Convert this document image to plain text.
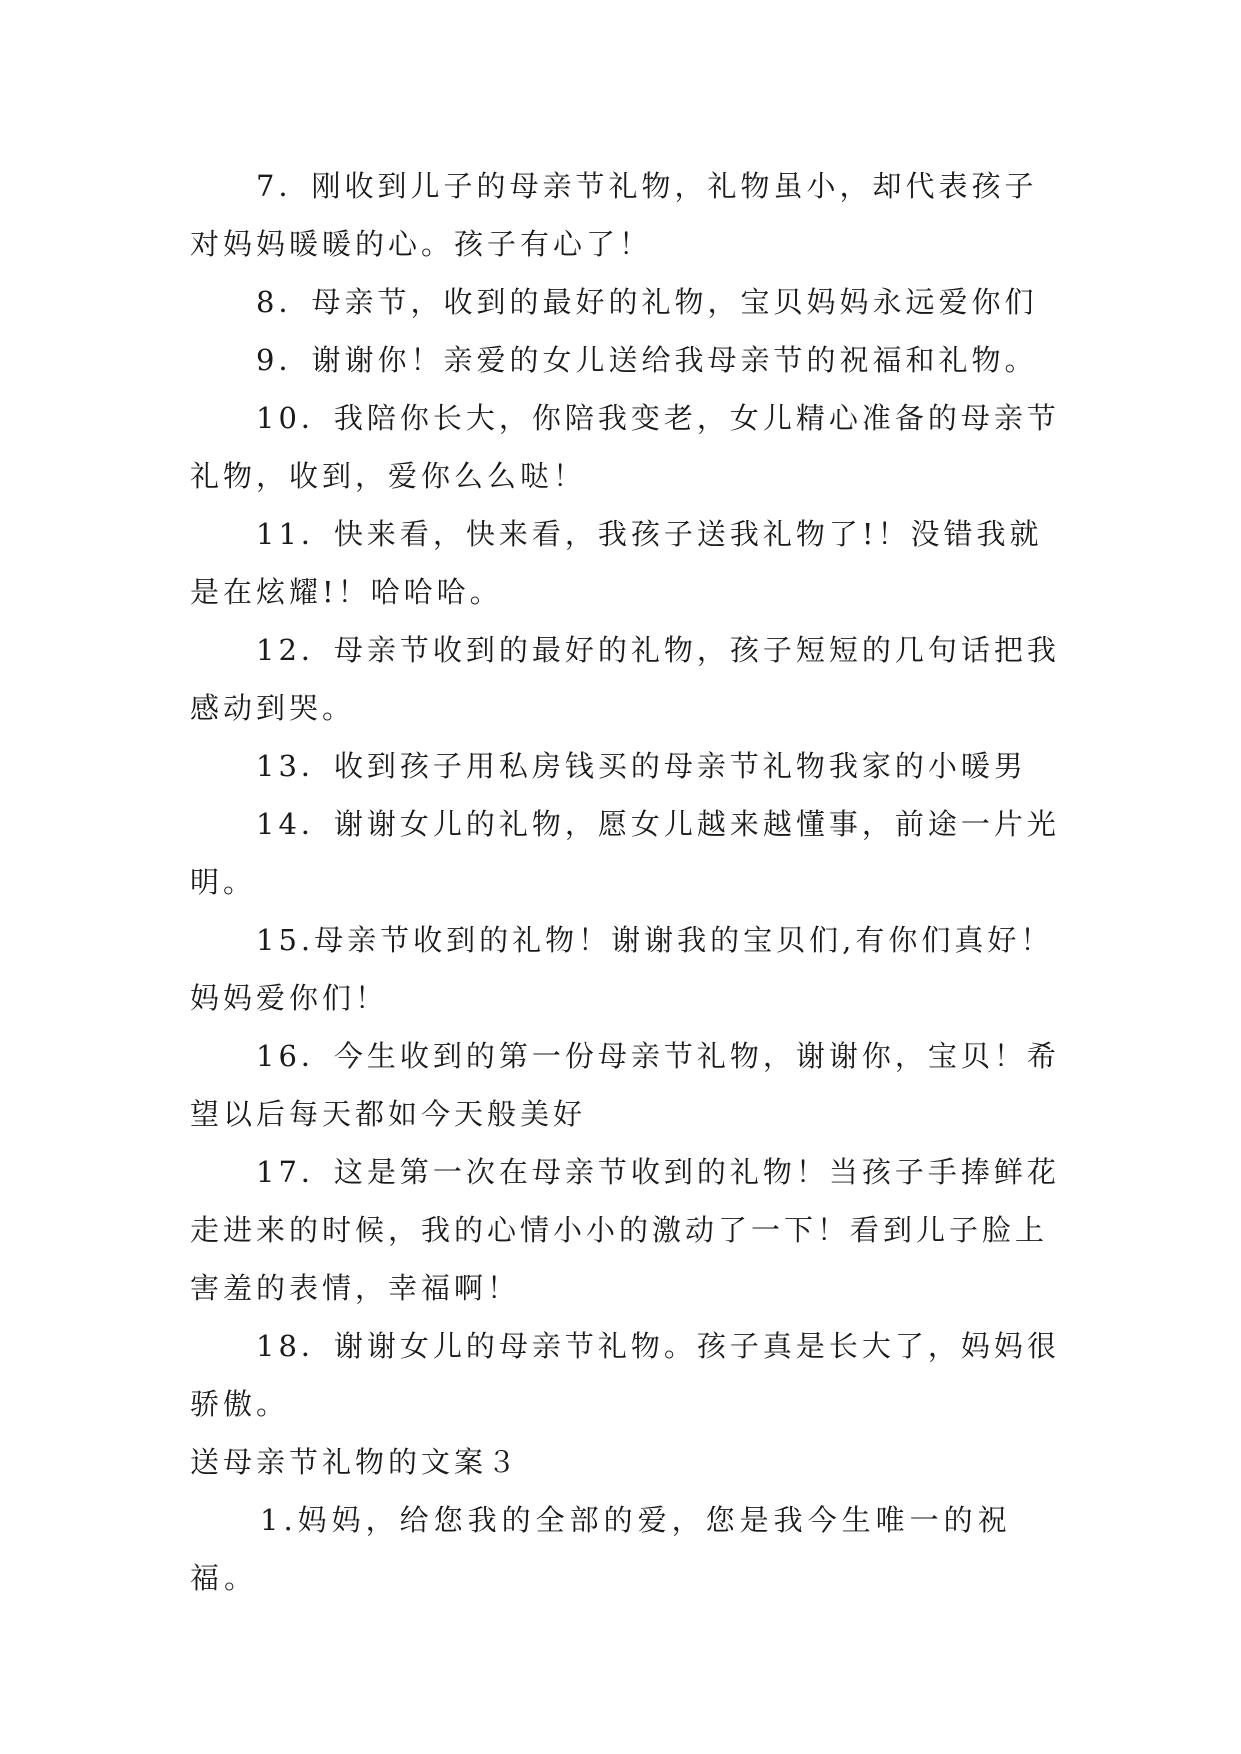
7．刚收到儿子的母亲节礼物，礼物虽小，却代表孩子对妈妈暖暖的心。孩子有心了！

8．母亲节，收到的最好的礼物，宝贝妈妈永远爱你们

9．谢谢你！亲爱的女儿送给我母亲节的祝福和礼物。

10．我陪你长大，你陪我变老，女儿精心准备的母亲节礼物，收到，爱你么么哒！

11．快来看，快来看，我孩子送我礼物了!！没错我就是在炫耀!！哈哈哈。

12．母亲节收到的最好的礼物，孩子短短的几句话把我感动到哭。

13．收到孩子用私房钱买的母亲节礼物我家的小暖男

14．谢谢女儿的礼物，愿女儿越来越懂事，前途一片光明。

15.母亲节收到的礼物！谢谢我的宝贝们,有你们真好！妈妈爱你们！

16．今生收到的第一份母亲节礼物，谢谢你，宝贝！希望以后每天都如今天般美好

17．这是第一次在母亲节收到的礼物！当孩子手捧鲜花走进来的时候，我的心情小小的激动了一下！看到儿子脸上害羞的表情，幸福啊！

18．谢谢女儿的母亲节礼物。孩子真是长大了，妈妈很骄傲。

送母亲节礼物的文案３

1.妈妈，给您我的全部的爱，您是我今生唯一的祝福。
